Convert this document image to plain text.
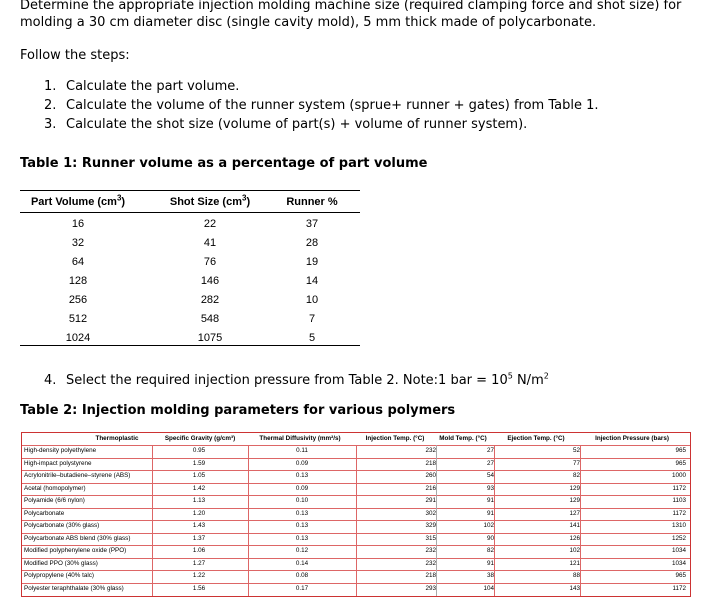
Determine the appropriate injection molding machine size (required clamping force and shot size) for molding a 30 cm diameter disc (single cavity mold), 5 mm thick made of polycarbonate.
Follow the steps:
1. Calculate the part volume.
2. Calculate the volume of the runner system (sprue+ runner + gates) from Table 1.
3. Calculate the shot size (volume of part(s) + volume of runner system).
Table 1: Runner volume as a percentage of part volume
Part Volume $(cm^3)$	Shot Size $(cm^3)$	Runner %
16	22	37
32	41	28
64	76	19
128	146	14
256	282	10
512	548	7
1024	1075	5
4. Select the required injection pressure from Table 2. Note:1 bar = $10^5$ $N/m^2$
Table 2: Injection molding parameters for various polymers
Thermoplastic	Specific Gravity (g/cm³)	Thermal Diffusivity (mm²/s)	Injection Temp. (°C)	Mold Temp. (°C)	Ejection Temp. (°C)	Injection Pressure (bars)
High-density polyethylene	0.95	0.11	232	27	52	965
High-impact polystyrene	1.59	0.09	218	27	77	965
Acrylonitrile–butadiene–styrene (ABS)	1.05	0.13	260	54	82	1000
Acetal (homopolymer)	1.42	0.09	216	93	129	1172
Polyamide (6/6 nylon)	1.13	0.10	291	91	129	1103
Polycarbonate	1.20	0.13	302	91	127	1172
Polycarbonate (30% glass)	1.43	0.13	329	102	141	1310
Polycarbonate ABS blend (30% glass)	1.37	0.13	315	90	126	1252
Modified polyphenylene oxide (PPO)	1.06	0.12	232	82	102	1034
Modified PPO (30% glass)	1.27	0.14	232	91	121	1034
Polypropylene (40% talc)	1.22	0.08	218	38	88	965
Polyester teraphthalate (30% glass)	1.56	0.17	293	104	143	1172
